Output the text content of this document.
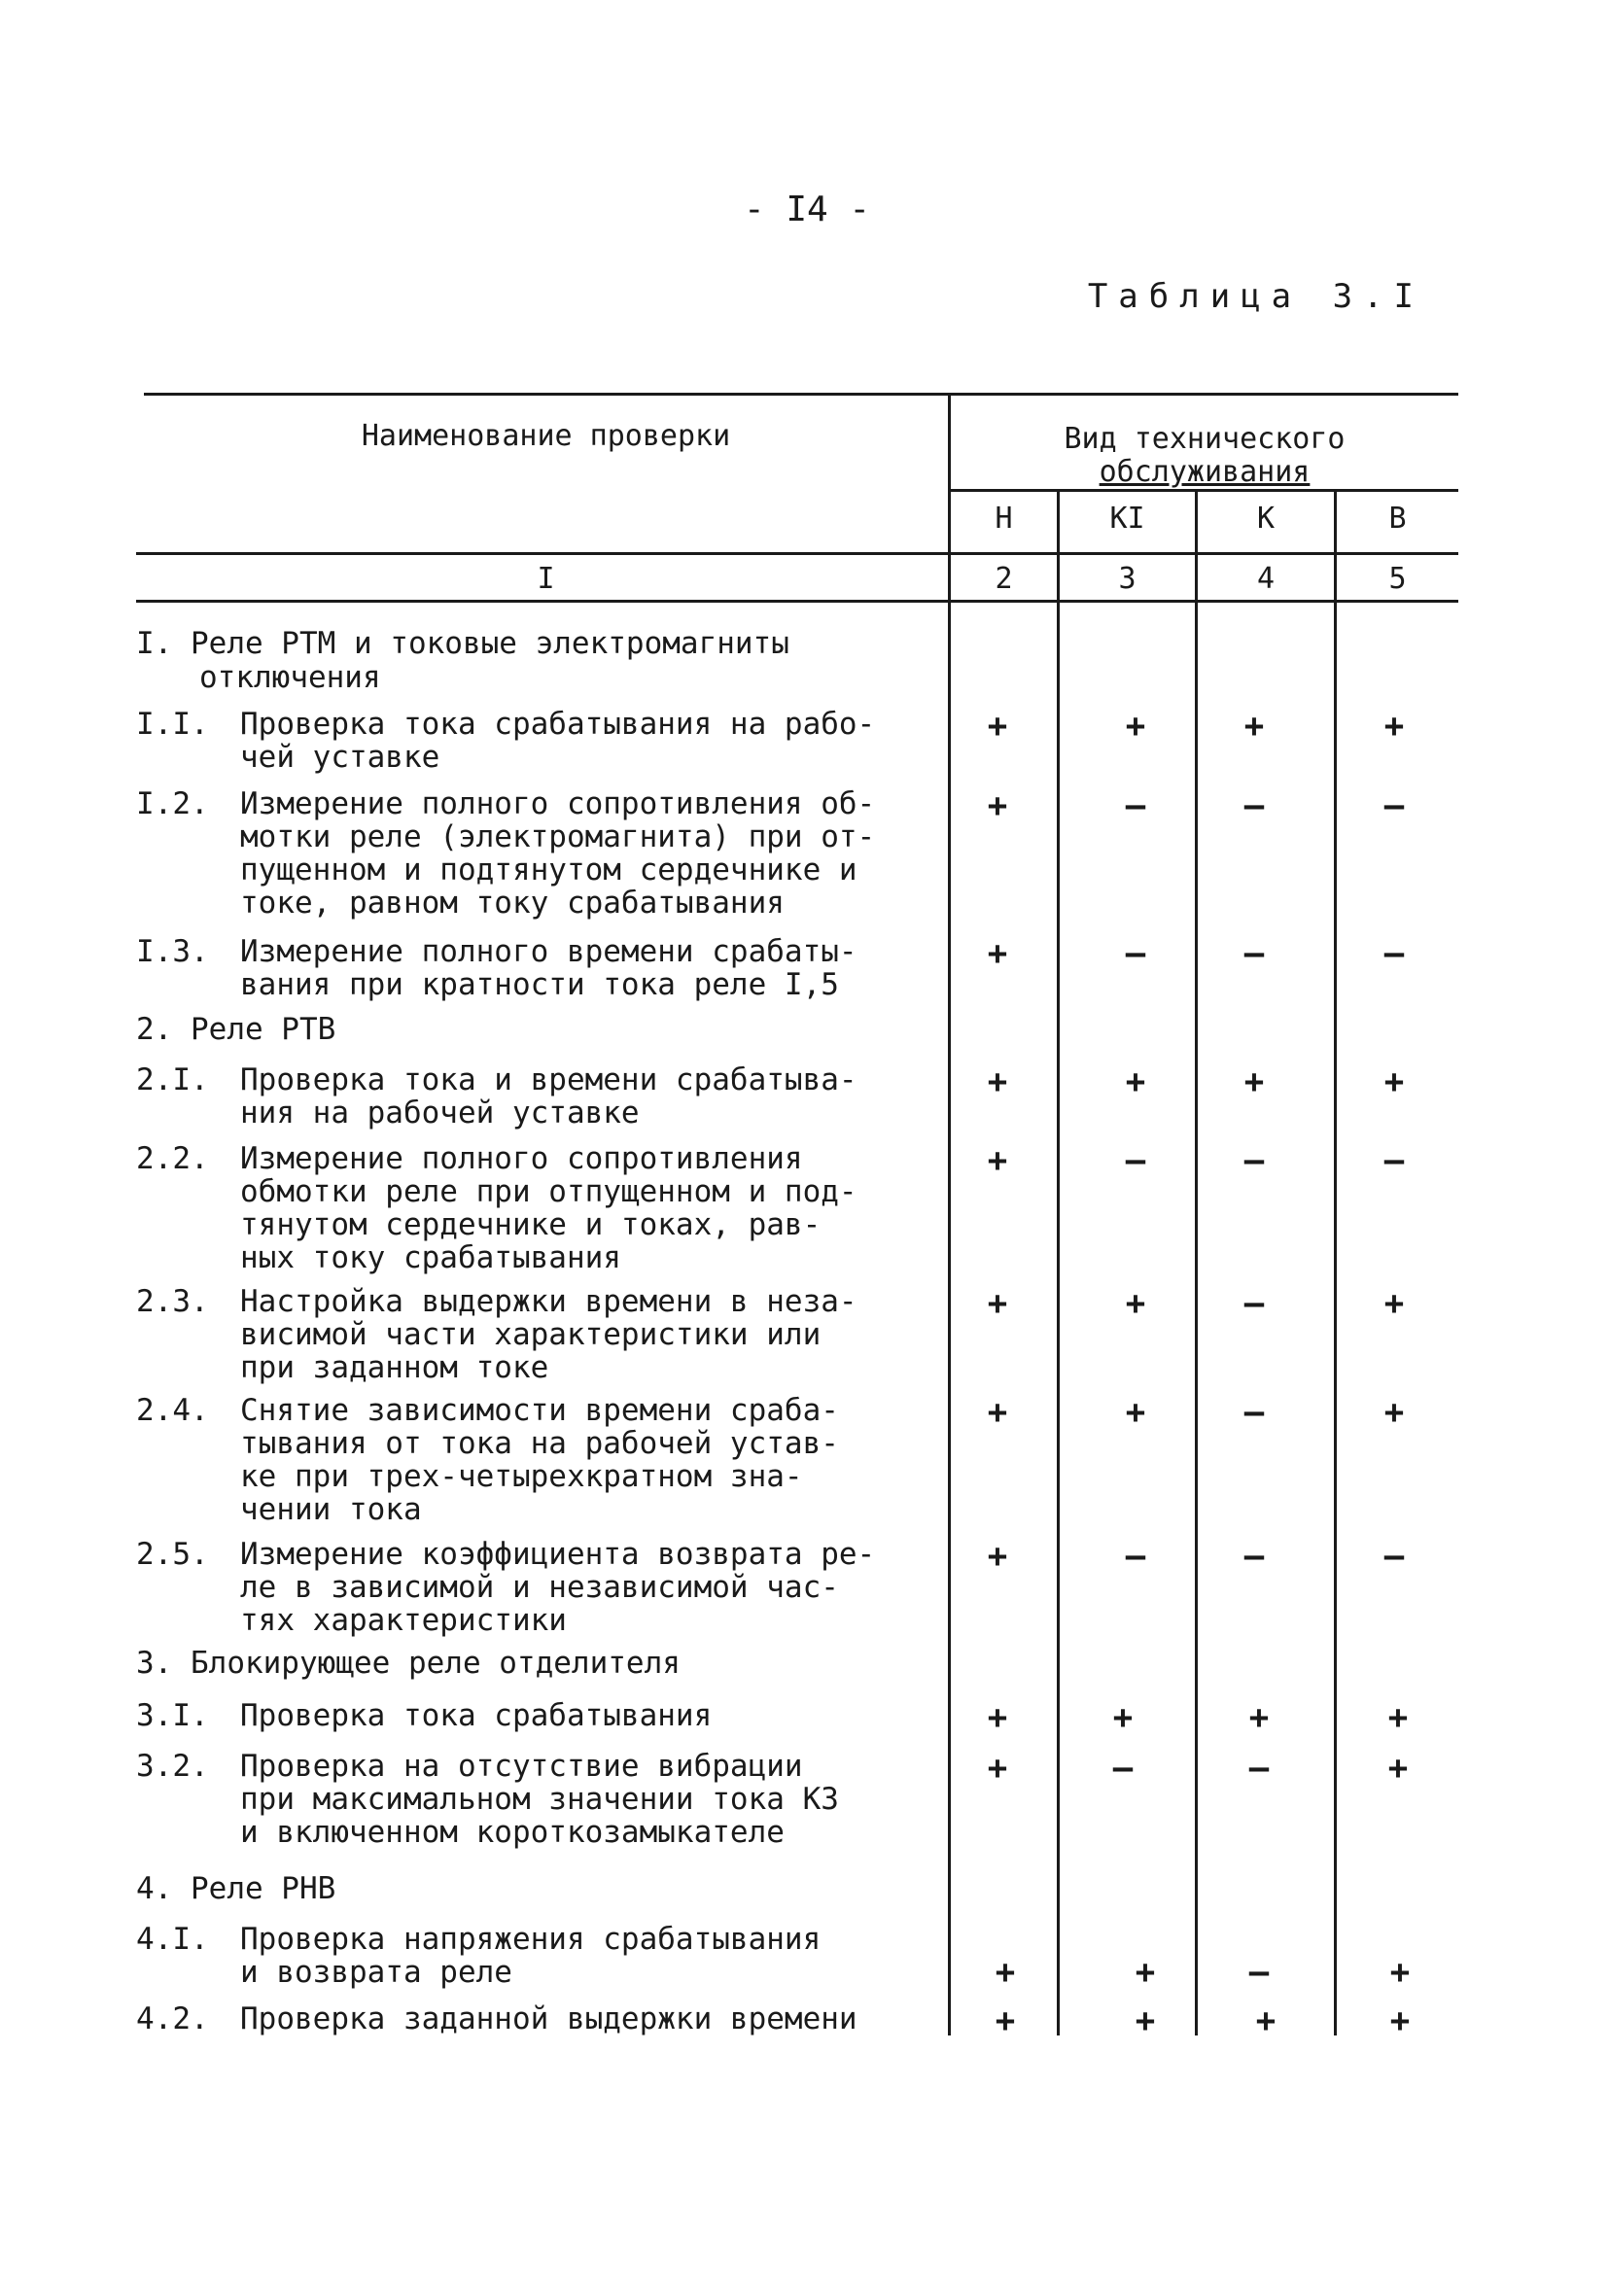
- I4 -
Таблица 3.I
Наименование проверки	Вид технического
обслуживания
Н	КI	К	В
I	2	3	4	5
I. Реле РТМ и токовые электромагниты
отключения
I.I. Проверка тока срабатывания на рабо-
чей уставке
+	+	+	+
I.2. Измерение полного сопротивления об-
мотки реле (электромагнита) при от-
пущенном и подтянутом сердечнике и
токе, равном току срабатывания
+	–	–	–
I.3. Измерение полного времени срабаты-
вания при кратности тока реле I,5
+	–	–	–
2. Реле РТВ
2.I. Проверка тока и времени срабатыва-
ния на рабочей уставке
+	+	+	+
2.2. Измерение полного сопротивления
обмотки реле при отпущенном и под-
тянутом сердечнике и токах, рав-
ных току срабатывания
+	–	–	–
2.3. Настройка выдержки времени в неза-
висимой части характеристики или
при заданном токе
+	+	–	+
2.4. Снятие зависимости времени сраба-
тывания от тока на рабочей устав-
ке при трех-четырехкратном зна-
чении тока
+	+	–	+
2.5. Измерение коэффициента возврата ре-
ле в зависимой и независимой час-
тях характеристики
+	–	–	–
3. Блокирующее реле отделителя
3.I. Проверка тока срабатывания	+	+	+	+
3.2. Проверка на отсутствие вибрации
при максимальном значении тока КЗ
и включенном короткозамыкателе
+	–	–	+
4. Реле РНВ
4.I. Проверка напряжения срабатывания
и возврата реле	+	+	–	+
4.2. Проверка заданной выдержки времени	+	+	+	+
